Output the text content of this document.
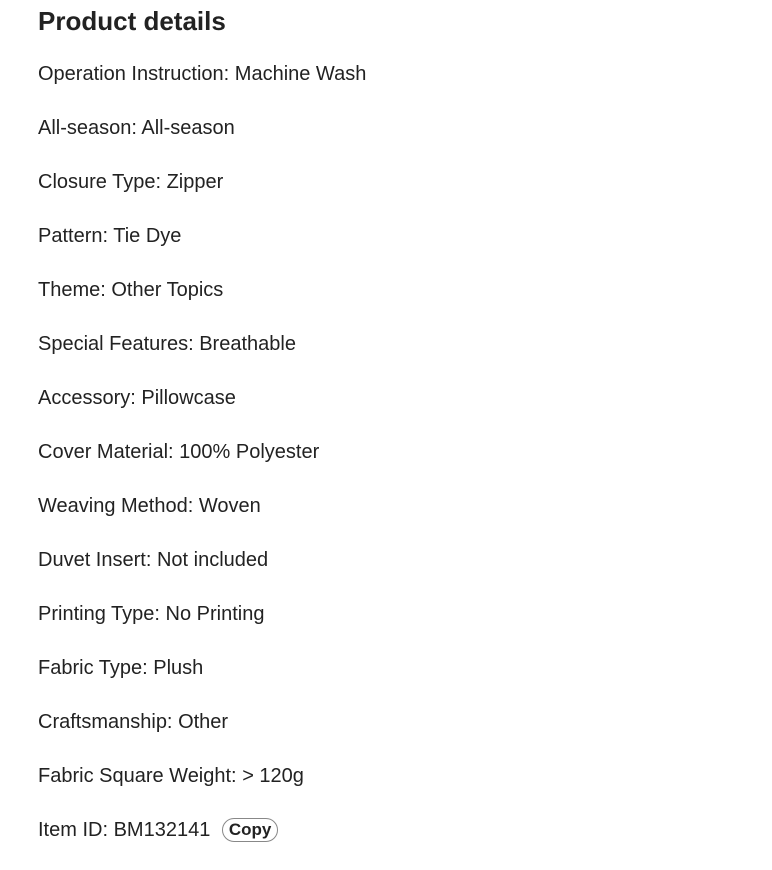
Product details
Operation Instruction: Machine Wash
All-season: All-season
Closure Type: Zipper
Pattern: Tie Dye
Theme: Other Topics
Special Features: Breathable
Accessory: Pillowcase
Cover Material: 100% Polyester
Weaving Method: Woven
Duvet Insert: Not included
Printing Type: No Printing
Fabric Type: Plush
Craftsmanship: Other
Fabric Square Weight: > 120g
Item ID: BM132141 Copy
